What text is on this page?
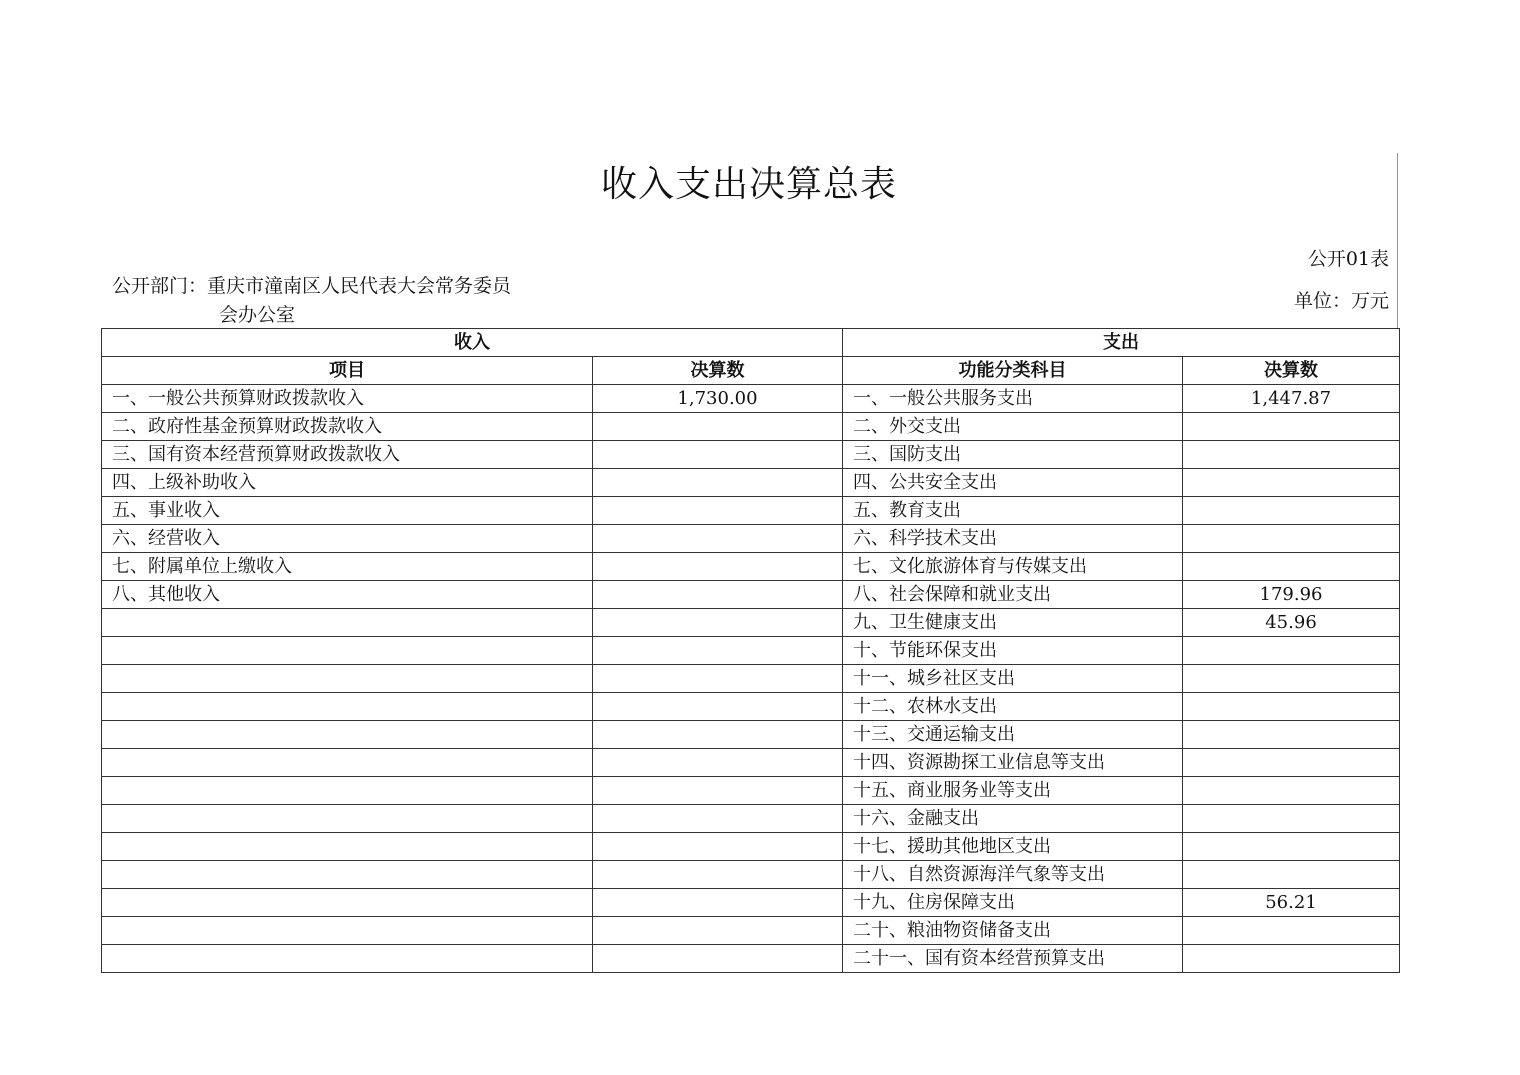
收入支出决算总表
公开01表
公开部门：重庆市潼南区人民代表大会常务委员
会办公室
单位：万元
收入		支出	
项目	决算数	功能分类科目	决算数
一、一般公共预算财政拨款收入	1,730.00	一、一般公共服务支出	1,447.87
二、政府性基金预算财政拨款收入		二、外交支出	
三、国有资本经营预算财政拨款收入		三、国防支出	
四、上级补助收入		四、公共安全支出	
五、事业收入		五、教育支出	
六、经营收入		六、科学技术支出	
七、附属单位上缴收入		七、文化旅游体育与传媒支出	
八、其他收入		八、社会保障和就业支出	179.96
		九、卫生健康支出	45.96
		十、节能环保支出	
		十一、城乡社区支出	
		十二、农林水支出	
		十三、交通运输支出	
		十四、资源勘探工业信息等支出	
		十五、商业服务业等支出	
		十六、金融支出	
		十七、援助其他地区支出	
		十八、自然资源海洋气象等支出	
		十九、住房保障支出	56.21
		二十、粮油物资储备支出	
		二十一、国有资本经营预算支出	
